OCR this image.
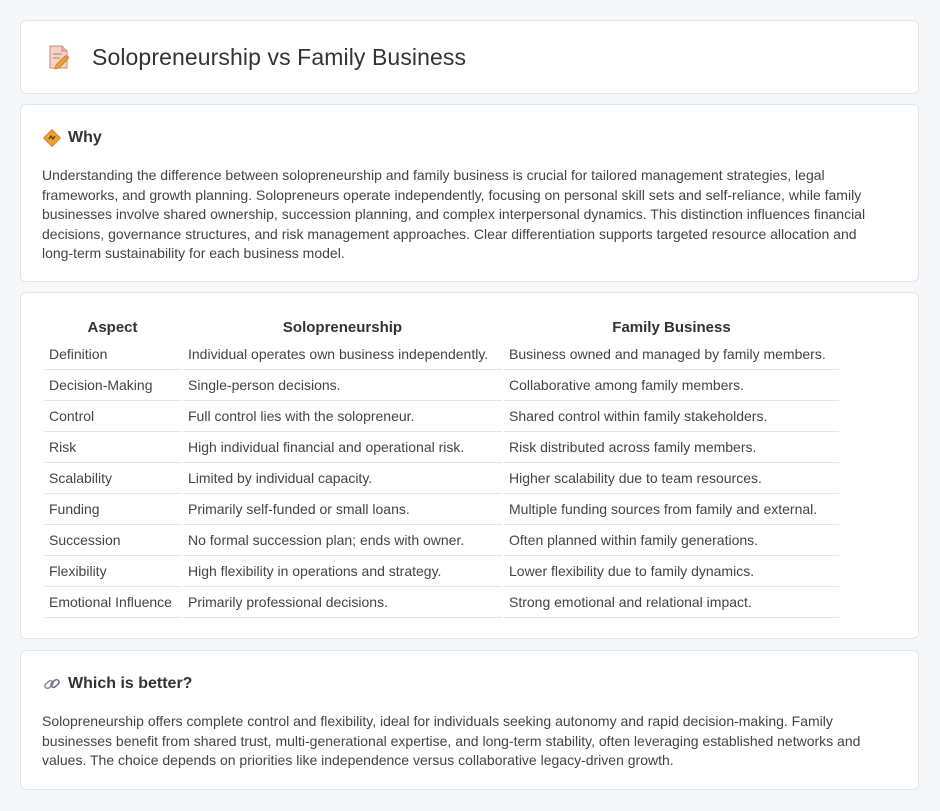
Solopreneurship vs Family Business
Why

Understanding the difference between solopreneurship and family business is crucial for tailored management strategies, legal frameworks, and growth planning. Solopreneurs operate independently, focusing on personal skill sets and self-reliance, while family businesses involve shared ownership, succession planning, and complex interpersonal dynamics. This distinction influences financial decisions, governance structures, and risk management approaches. Clear differentiation supports targeted resource allocation and long-term sustainability for each business model.

Aspect	Solopreneurship	Family Business
Definition	Individual operates own business independently.	Business owned and managed by family members.
Decision-Making	Single-person decisions.	Collaborative among family members.
Control	Full control lies with the solopreneur.	Shared control within family stakeholders.
Risk	High individual financial and operational risk.	Risk distributed across family members.
Scalability	Limited by individual capacity.	Higher scalability due to team resources.
Funding	Primarily self-funded or small loans.	Multiple funding sources from family and external.
Succession	No formal succession plan; ends with owner.	Often planned within family generations.
Flexibility	High flexibility in operations and strategy.	Lower flexibility due to family dynamics.
Emotional Influence	Primarily professional decisions.	Strong emotional and relational impact.
Which is better?

Solopreneurship offers complete control and flexibility, ideal for individuals seeking autonomy and rapid decision-making. Family businesses benefit from shared trust, multi-generational expertise, and long-term stability, often leveraging established networks and values. The choice depends on priorities like independence versus collaborative legacy-driven growth.
